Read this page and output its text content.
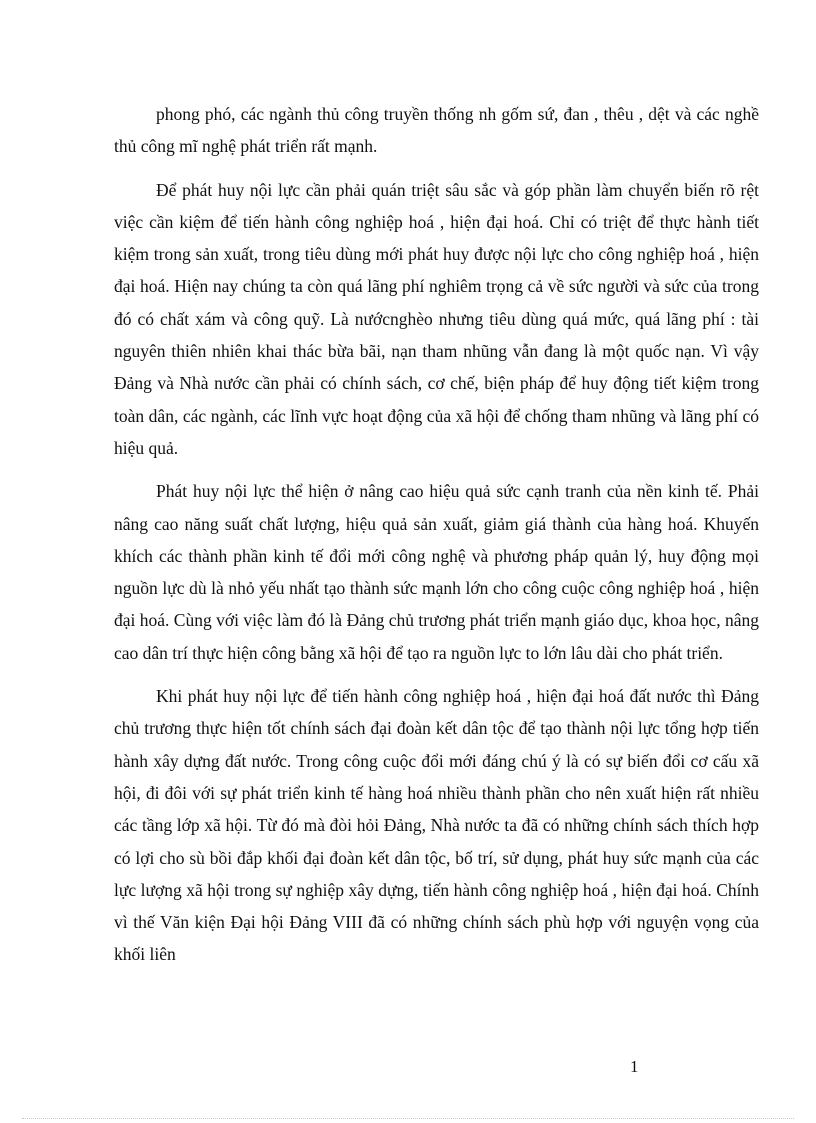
phong phó, các ngành thủ công truyền thống nh gốm sứ, đan , thêu , dệt và các nghề thủ công mĩ nghệ phát triển rất mạnh.

Để phát huy nội lực cần phải quán triệt sâu sắc và góp phần làm chuyển biến rõ rệt việc cần kiệm để tiến hành công nghiệp hoá , hiện đại hoá. Chỉ có triệt để thực hành tiết kiệm trong sản xuất, trong tiêu dùng mới phát huy được nội lực cho công nghiệp hoá , hiện đại hoá. Hiện nay chúng ta còn quá lãng phí nghiêm trọng cả về sức người và sức của trong đó có chất xám và công quỹ. Là nướcnghèo nhưng tiêu dùng quá mức, quá lãng phí : tài nguyên thiên nhiên khai thác bừa bãi, nạn tham nhũng vẫn đang là một quốc nạn. Vì vậy Đảng và Nhà nước cần phải có chính sách, cơ chế, biện pháp để huy động tiết kiệm trong toàn dân, các ngành, các lĩnh vực hoạt động của xã hội để chống tham nhũng và lãng phí có hiệu quả.

Phát huy nội lực thể hiện ở nâng cao hiệu quả sức cạnh tranh của nền kinh tế. Phải nâng cao năng suất chất lượng, hiệu quả sản xuất, giảm giá thành của hàng hoá. Khuyến khích các thành phần kinh tế đổi mới công nghệ và phương pháp quản lý, huy động mọi nguồn lực dù là nhỏ yếu nhất tạo thành sức mạnh lớn cho công cuộc công nghiệp hoá , hiện đại hoá. Cùng với việc làm đó là Đảng chủ trương phát triển mạnh giáo dục, khoa học, nâng cao dân trí thực hiện công bằng xã hội để tạo ra nguồn lực to lớn lâu dài cho phát triển.

Khi phát huy nội lực để tiến hành công nghiệp hoá , hiện đại hoá đất nước thì Đảng chủ trương thực hiện tốt chính sách đại đoàn kết dân tộc để tạo thành nội lực tổng hợp tiến hành xây dựng đất nước. Trong công cuộc đổi mới đáng chú ý là có sự biến đổi cơ cấu xã hội, đi đôi với sự phát triển kinh tế hàng hoá nhiều thành phần cho nên xuất hiện rất nhiều các tầng lớp xã hội. Từ đó mà đòi hỏi Đảng, Nhà nước ta đã có những chính sách thích hợp có lợi cho sù bồi đắp khối đại đoàn kết dân tộc, bố trí, sử dụng, phát huy sức mạnh của các lực lượng xã hội trong sự nghiệp xây dựng, tiến hành công nghiệp hoá , hiện đại hoá. Chính vì thế Văn kiện Đại hội Đảng VIII đã có những chính sách phù hợp với nguyện vọng của khối liên

1
